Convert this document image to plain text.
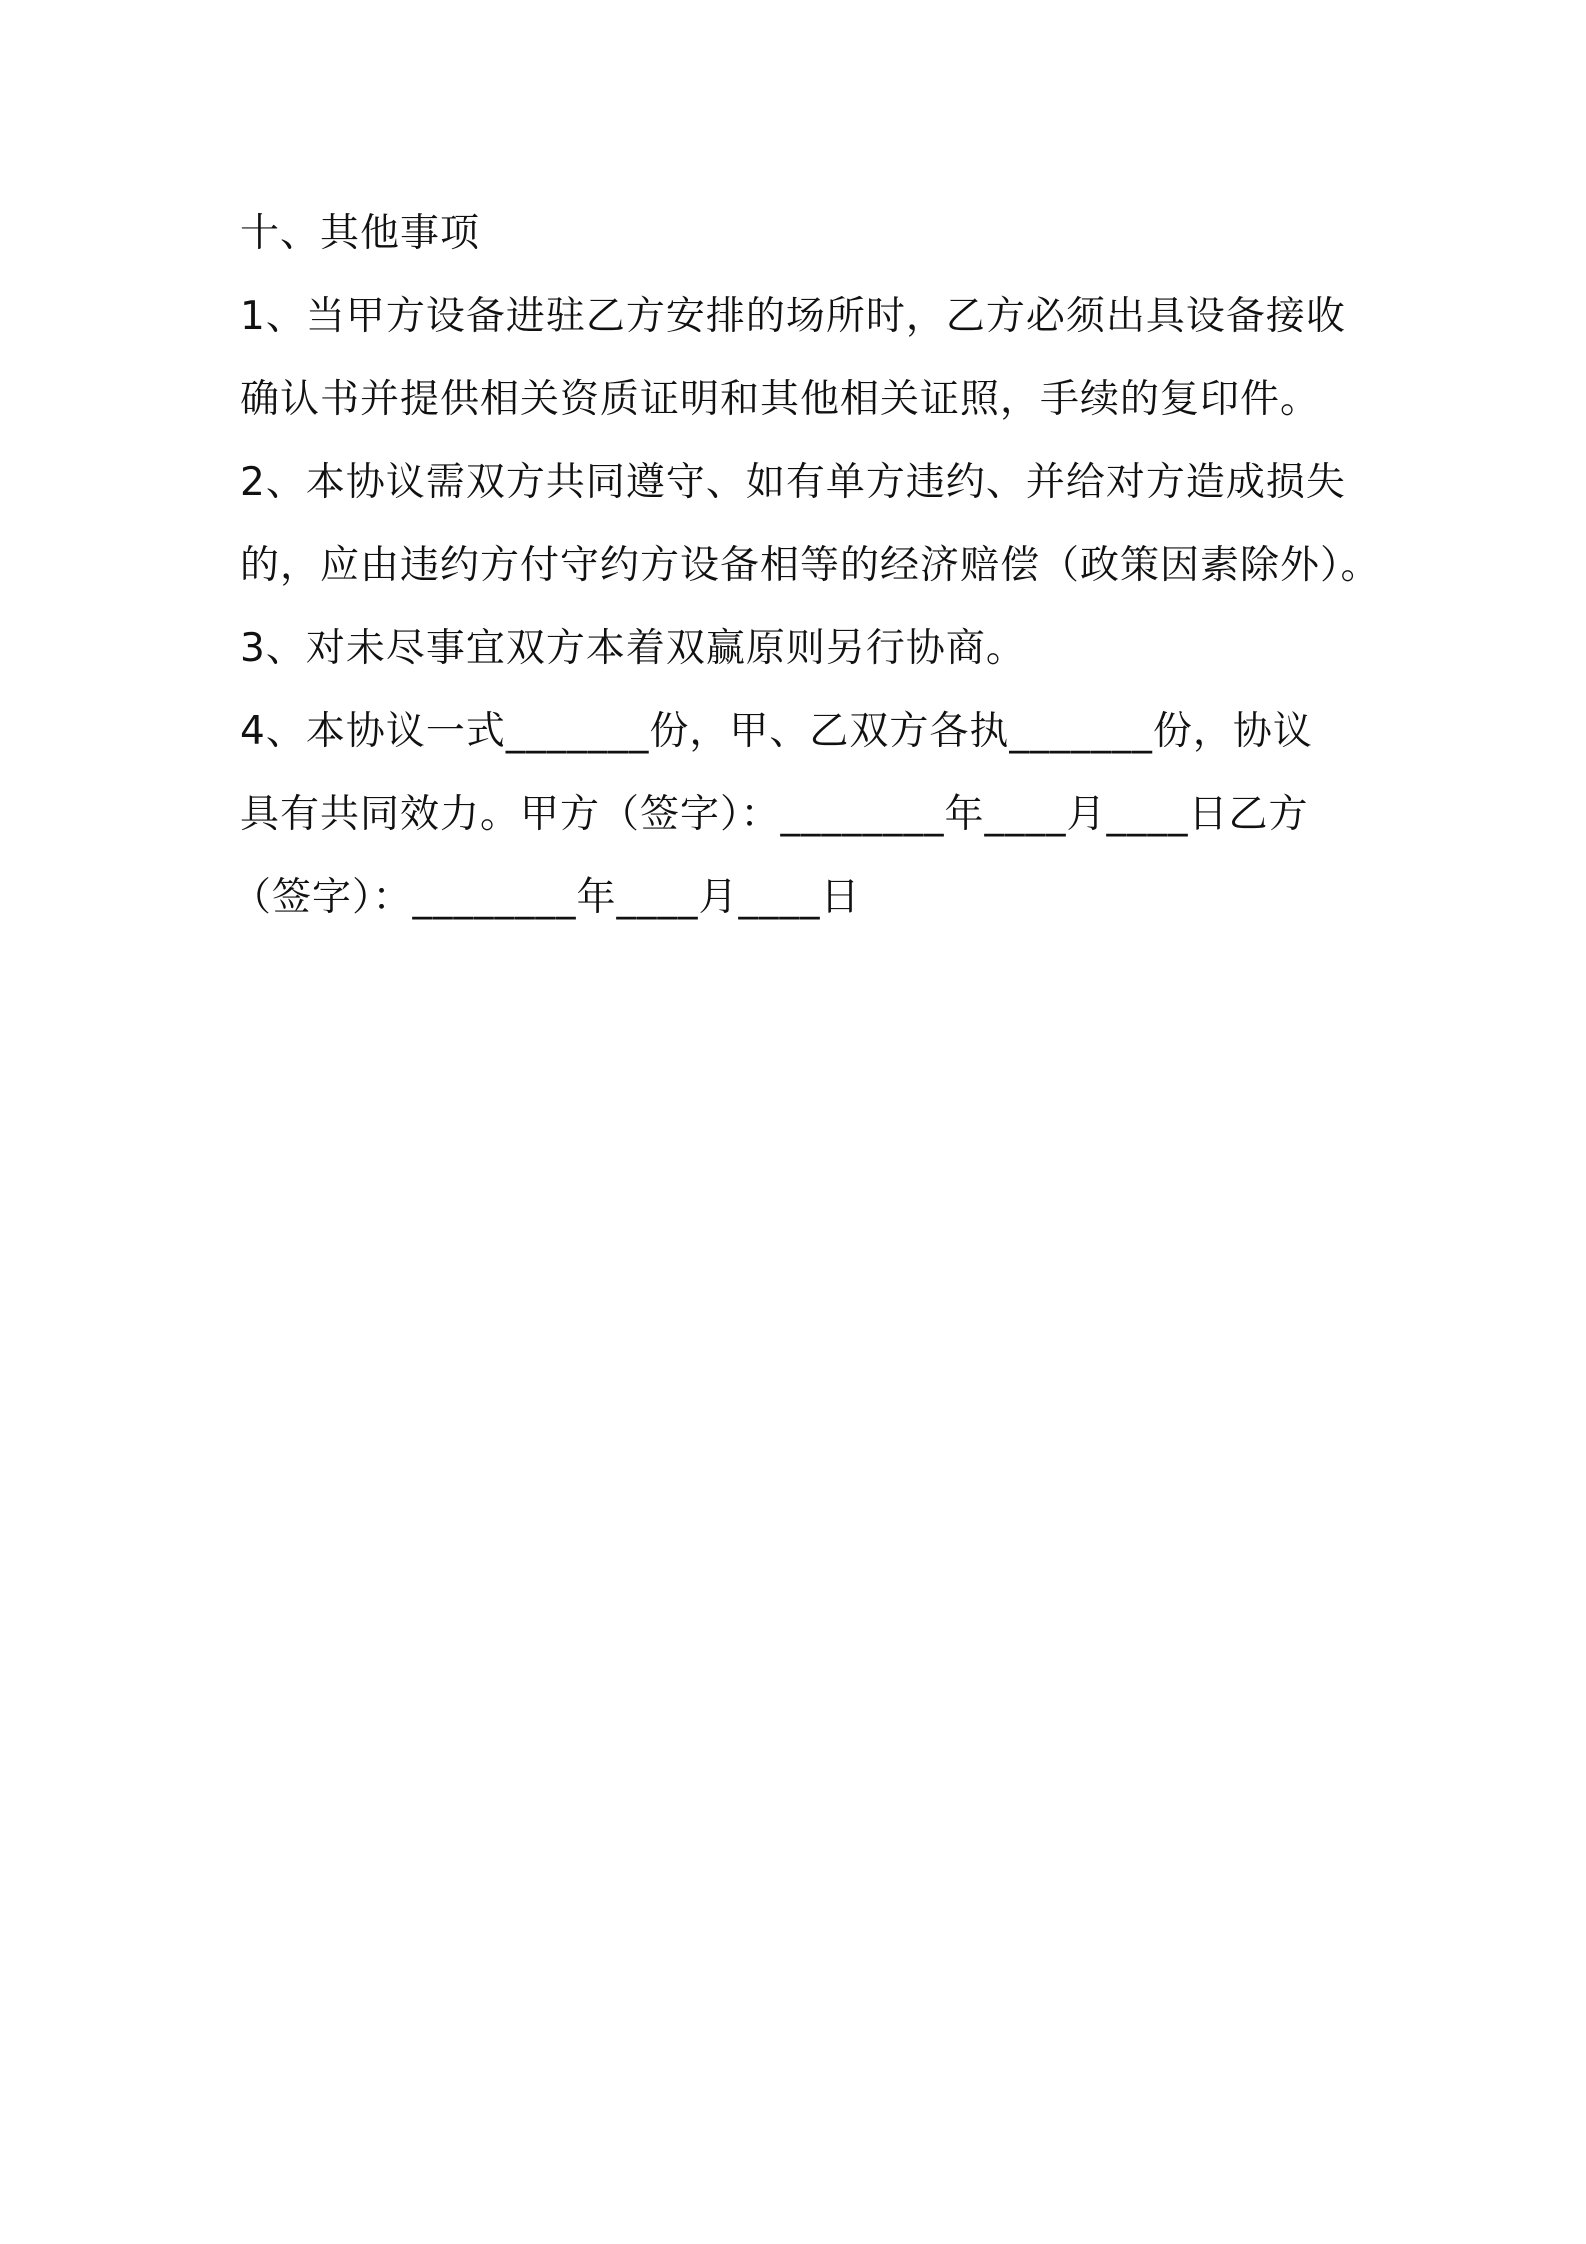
十、其他事项
1、当甲方设备进驻乙方安排的场所时，乙方必须出具设备接收
确认书并提供相关资质证明和其他相关证照，手续的复印件。
2、本协议需双方共同遵守、如有单方违约、并给对方造成损失
的，应由违约方付守约方设备相等的经济赔偿（政策因素除外）。
3、对未尽事宜双方本着双赢原则另行协商。
4、本协议一式_______份，甲、乙双方各执_______份，协议
具有共同效力。甲方（签字）：________年____月____日乙方
（签字）：________年____月____日
